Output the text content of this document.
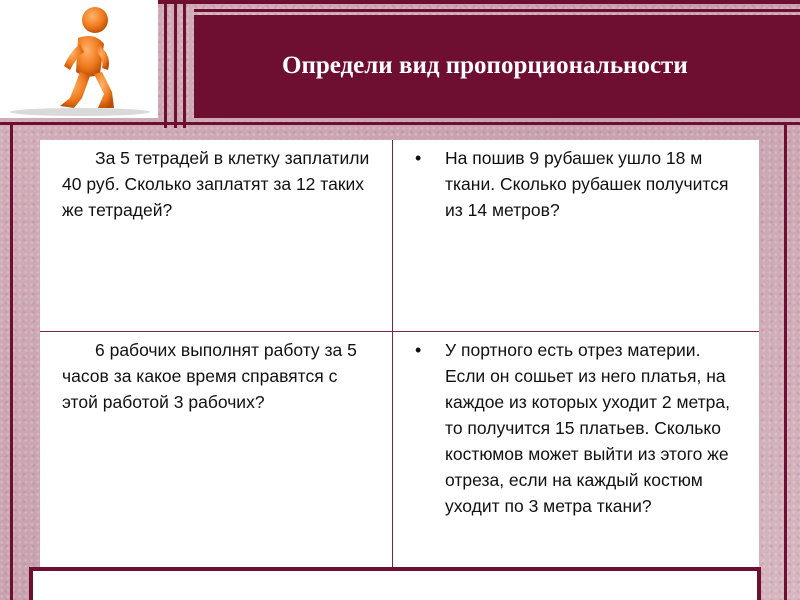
Определи вид пропорциональности

За 5 тетрадей в клетку заплатили 40 руб. Сколько заплатят за 12 таких же тетрадей?

•	На пошив 9 рубашек ушло 18 м ткани. Сколько рубашек получится из 14 метров?

6 рабочих выполнят работу за 5 часов за какое время справятся с этой работой 3 рабочих?

•	У портного есть отрез материи. Если он сошьет из него платья, на каждое из которых уходит 2 метра, то получится 15 платьев. Сколько костюмов может выйти из этого же отреза, если на каждый костюм уходит по 3 метра ткани?
